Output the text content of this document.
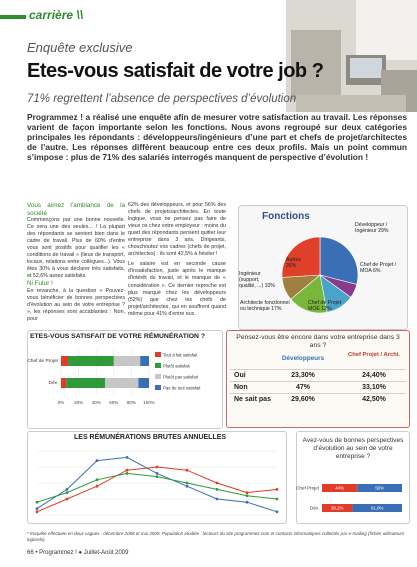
carrière \\
Enquête exclusive
Etes-vous satisfait de votre job ?
71% regrettent l’absence de perspectives d’évolution
Programmez ! a réalisé une enquête afin de mesurer votre satisfaction au travail. Les réponses varient de façon importante selon les fonctions. Nous avons regroupé sur deux catégories principales les répondants : développeurs/ingénieurs d’une part et chefs de projet/architectes de l’autre. Les réponses diffèrent beaucoup entre ces deux profils. Mais un point commun s’impose : plus de 71% des salariés interrogés manquent de perspective d’évolution !
Vous aimez l’ambiance de la société
Commençons par une bonne nouvelle. Ce sera une des seules... ! La plupart des répondants se sentent bien dans le cadre de travail. Plus de 60% d'entre vous sont positifs pour qualifier les « conditions de travail » (lieux de transport, locaux, relations entre collègues...). Vous êtes 30% à vous déclarer très satisfaits, et 52,6% assez satisfaits.
Ni Futur !
En revanche, à la question « Pouvez-vous bénéficier de bonnes perspectives d'évolution au sein de votre entreprise ? », les réponses sont accablantes : Non, pour
62% des développeurs, et pour 56% des chefs de projets/architectes. En toute logique, vous ne pensez pas faire de vieux os chez votre employeur : moins du quart des répondants pensent quitter leur entreprise dans 3 ans. Dirigeants, chouchoutez vos cadres (chefs de projet, architectes) : ils sont 42,5% à hésiter !
Le salaire est en seconde cause d'insatisfaction, juste après le manque d'intérêt du travail, et le manque de « considération ». Ce dernier reproche est plus marqué chez les développeurs (52%) que chez les chefs de projet/architectes, qui en souffrent quand même pour 41% d'entre eux.
Fonctions
Développeur / Ingénieur 29%
Chef de Projet / MOA 6%
Chef de Projet MOE 12%
Architecte fonctionnel ou technique 17%
Ingénieur (support, qualité, ...) 10%
Autres 26%
ETES-VOUS SATISFAIT DE VOTRE RÉMUNÉRATION ?
0% 20% 40% 60% 80% 100%
Chef de Projet
Dév.
Tout à fait satisfait
Plutôt satisfait
Plutôt pas satisfait
Pas du tout satisfait
Pensez-vous être encore dans votre entreprise dans 3 ans ?
Développeurs	Chef Projet / Archi.
Oui	23,30%	24,40%
Non	47%	33,10%
Ne sait pas	29,60%	42,50%
LES RÉMUNÉRATIONS BRUTES ANNUELLES	Avez-vous de bonnes perspectives d’évolution au sein de votre entreprise ?
Chef Projet	44%	56%
Dév.	38,2%	61,8%
* Enquête effectuée en deux vagues : décembre 2008 et mai 2009. Population étudiée : lecteurs du site programmez.com et contacts informatiques collectés par e-mailing (fichier utilisateurs logiciels).
66 • Programmez ! ● Juillet-Août 2009
